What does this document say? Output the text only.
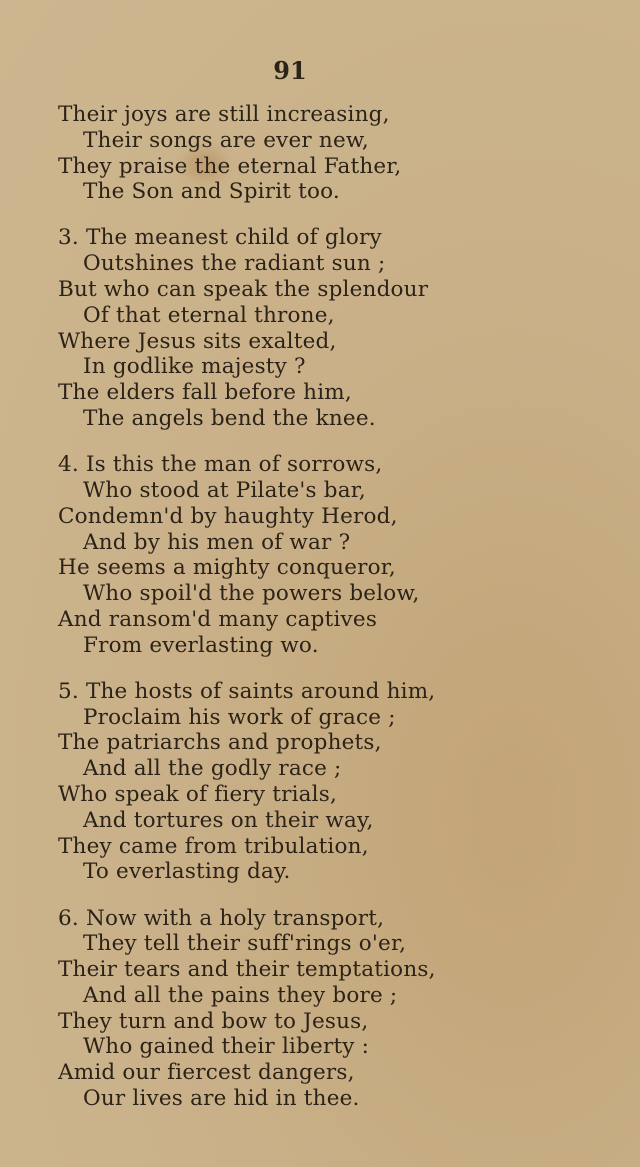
91
Their joys are still increasing,
Their songs are ever new,
They praise the eternal Father,
The Son and Spirit too.
3. The meanest child of glory
Outshines the radiant sun ;
But who can speak the splendour
Of that eternal throne,
Where Jesus sits exalted,
In godlike majesty ?
The elders fall before him,
The angels bend the knee.
4. Is this the man of sorrows,
Who stood at Pilate's bar,
Condemn'd by haughty Herod,
And by his men of war ?
He seems a mighty conqueror,
Who spoil'd the powers below,
And ransom'd many captives
From everlasting wo.
5. The hosts of saints around him,
Proclaim his work of grace ;
The patriarchs and prophets,
And all the godly race ;
Who speak of fiery trials,
And tortures on their way,
They came from tribulation,
To everlasting day.
6. Now with a holy transport,
They tell their suff'rings o'er,
Their tears and their temptations,
And all the pains they bore ;
They turn and bow to Jesus,
Who gained their liberty :
Amid our fiercest dangers,
Our lives are hid in thee.
